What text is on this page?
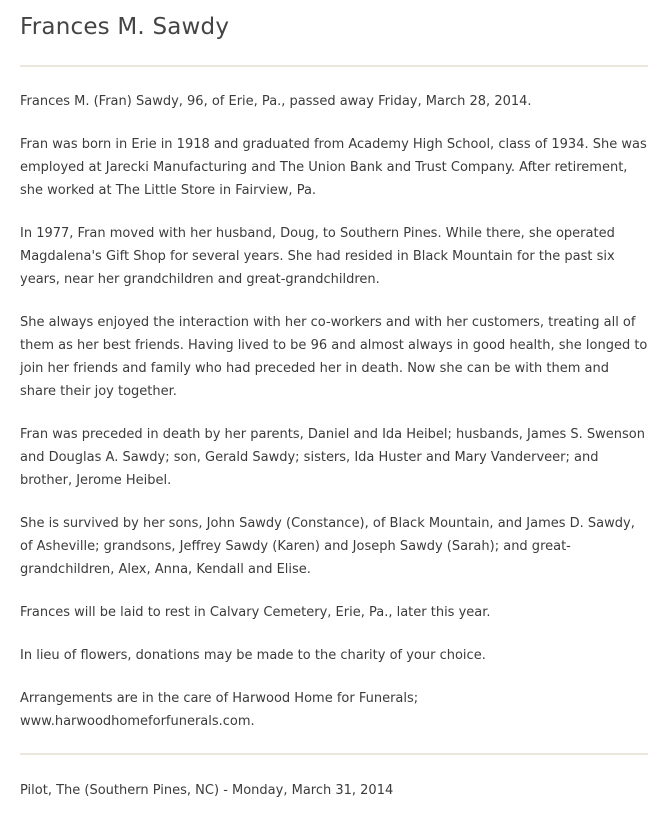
Frances M. Sawdy

Frances M. (Fran) Sawdy, 96, of Erie, Pa., passed away Friday, March 28, 2014.

Fran was born in Erie in 1918 and graduated from Academy High School, class of 1934. She was employed at Jarecki Manufacturing and The Union Bank and Trust Company. After retirement, she worked at The Little Store in Fairview, Pa.

In 1977, Fran moved with her husband, Doug, to Southern Pines. While there, she operated Magdalena's Gift Shop for several years. She had resided in Black Mountain for the past six years, near her grandchildren and great-grandchildren.

She always enjoyed the interaction with her co-workers and with her customers, treating all of them as her best friends. Having lived to be 96 and almost always in good health, she longed to join her friends and family who had preceded her in death. Now she can be with them and share their joy together.

Fran was preceded in death by her parents, Daniel and Ida Heibel; husbands, James S. Swenson and Douglas A. Sawdy; son, Gerald Sawdy; sisters, Ida Huster and Mary Vanderveer; and brother, Jerome Heibel.

She is survived by her sons, John Sawdy (Constance), of Black Mountain, and James D. Sawdy, of Asheville; grandsons, Jeffrey Sawdy (Karen) and Joseph Sawdy (Sarah); and great-grandchildren, Alex, Anna, Kendall and Elise.

Frances will be laid to rest in Calvary Cemetery, Erie, Pa., later this year.

In lieu of flowers, donations may be made to the charity of your choice.

Arrangements are in the care of Harwood Home for Funerals; www.harwoodhomeforfunerals.com.

Pilot, The (Southern Pines, NC) - Monday, March 31, 2014
